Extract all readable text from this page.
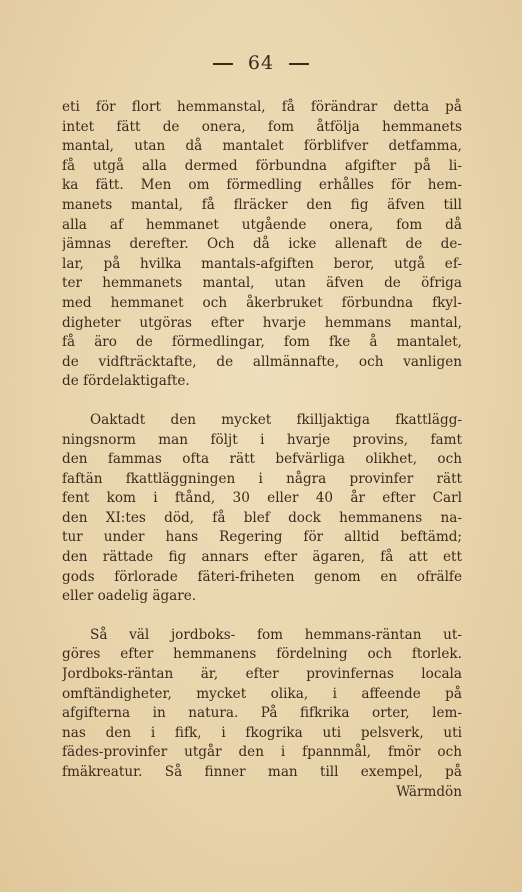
64
eti för flort hemmanstal, få förändrar detta på
intet fätt de onera, fom åtfölja hemmanets
mantal, utan då mantalet förblifver detfamma,
få utgå alla dermed förbundna afgifter på li-
ka fätt. Men om förmedling erhålles för hem-
manets mantal, få flräcker den fig äfven till
alla af hemmanet utgående onera, fom då
jämnas derefter. Och då icke allenaft de de-
lar, på hvilka mantals-afgiften beror, utgå ef-
ter hemmanets mantal, utan äfven de öfriga
med hemmanet och åkerbruket förbundna fkyl-
digheter utgöras efter hvarje hemmans mantal,
få äro de förmedlingar, fom fke å mantalet,
de vidfträcktafte, de allmännafte, och vanligen
de fördelaktigafte.
Oaktadt den mycket fkilljaktiga fkattlägg-
ningsnorm man följt i hvarje provins, famt
den fammas ofta rätt befvärliga olikhet, och
faftän fkattläggningen i några provinfer rätt
fent kom i ftånd, 30 eller 40 år efter Carl
den XI:tes död, få blef dock hemmanens na-
tur under hans Regering för alltid beftämd;
den rättade fig annars efter ägaren, få att ett
gods förlorade fäteri-friheten genom en ofrälfe
eller oadelig ägare.
Så väl jordboks- fom hemmans-räntan ut-
göres efter hemmanens fördelning och ftorlek.
Jordboks-räntan är, efter provinfernas locala
omftändigheter, mycket olika, i affeende på
afgifterna in natura. På fifkrika orter, lem-
nas den i fifk, i fkogrika uti pelsverk, uti
fädes-provinfer utgår den i fpannmål, fmör och
fmäkreatur. Så finner man till exempel, på
Wärmdön
